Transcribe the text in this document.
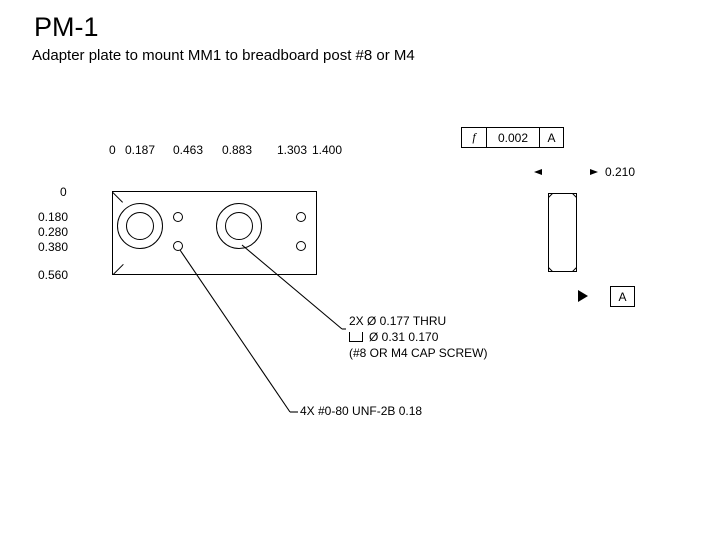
PM-1
Adapter plate to mount MM1 to breadboard post #8 or M4
0 0.187 0.463 0.883 1.303 1.400
0
0.180
0.280
0.380
0.560
2X Ø 0.177 THRU
Ø 0.31 0.170
(#8 OR M4 CAP SCREW)
4X #0-80 UNF-2B 0.18
f	0.002	A
0.210
A
